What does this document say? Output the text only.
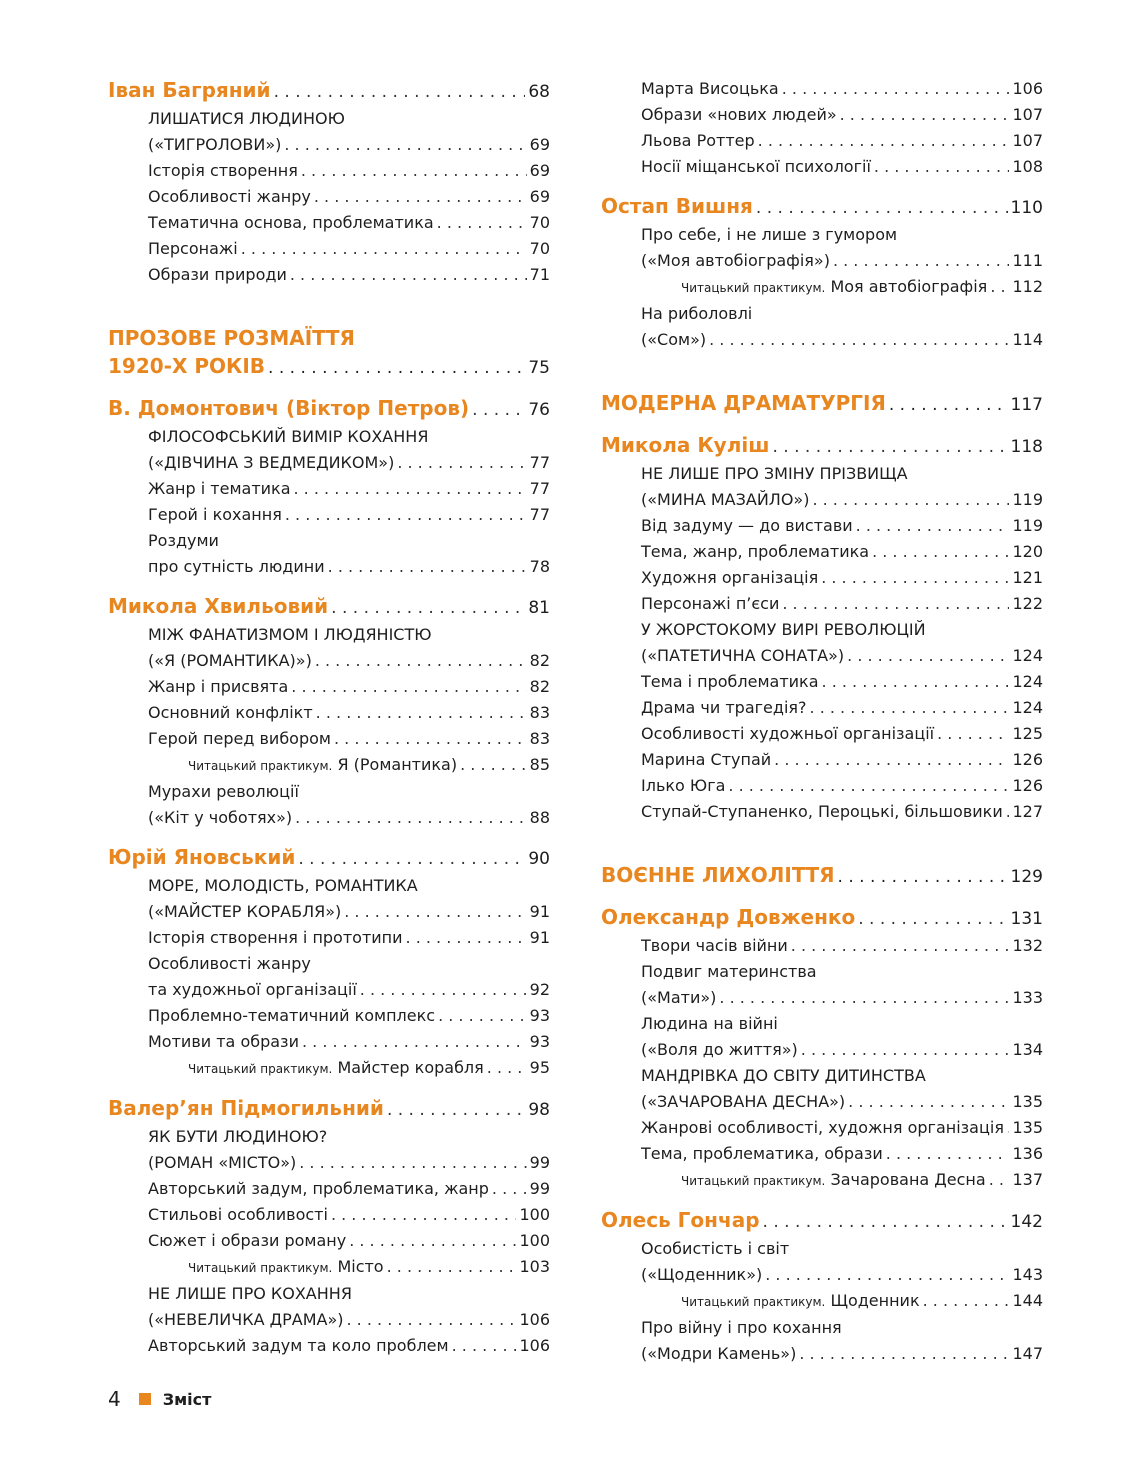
Іван Багряний . . .	68
ЛИШАТИСЯ ЛЮДИНОЮ
(«ТИГРОЛОВИ») . . .	69
Історія створення . . .	69
Особливості жанру . . .	69
Тематична основа, проблематика . . .	70
Персонажі . . .	70
Образи природи . . .	71
ПРОЗОВЕ РОЗМАЇТТЯ
1920-Х РОКІВ . . .	75
В. Домонтович (Віктор Петров) . . .	76
ФІЛОСОФСЬКИЙ ВИМІР КОХАННЯ
(«ДІВЧИНА З ВЕДМЕДИКОМ») . . .	77
Жанр і тематика . . .	77
Герой і кохання . . .	77
Роздуми
про сутність людини . . .	78
Микола Хвильовий . . .	81
МІЖ ФАНАТИЗМОМ І ЛЮДЯНІСТЮ
(«Я (РОМАНТИКА)») . . .	82
Жанр і присвята . . .	82
Основний конфлікт . . .	83
Герой перед вибором . . .	83
Читацький практикум. Я (Романтика) . . .	85
Мурахи революції
(«Кіт у чоботях») . . .	88
Юрій Яновський . . .	90
МОРЕ, МОЛОДІСТЬ, РОМАНТИКА
(«МАЙСТЕР КОРАБЛЯ») . . .	91
Історія створення і прототипи . . .	91
Особливості жанру
та художньої організації . . .	92
Проблемно-тематичний комплекс . . .	93
Мотиви та образи . . .	93
Читацький практикум. Майстер корабля . . .	95
Валер’ян Підмогильний . . .	98
ЯК БУТИ ЛЮДИНОЮ?
(РОМАН «МІСТО») . . .	99
Авторський задум, проблематика, жанр . . .	99
Стильові особливості . . .	100
Сюжет і образи роману . . .	100
Читацький практикум. Місто . . .	103
НЕ ЛИШЕ ПРО КОХАННЯ
(«НЕВЕЛИЧКА ДРАМА») . . .	106
Авторський задум та коло проблем . . .	106
Марта Висоцька . . .	106
Образи «нових людей» . . .	107
Льова Роттер . . .	107
Носії міщанської психології . . .	108
Остап Вишня . . .	110
Про себе, і не лише з гумором
(«Моя автобіографія») . . .	111
Читацький практикум. Моя автобіографія . . . 112
На риболовлі
(«Сом») . . .	114
МОДЕРНА ДРАМАТУРГІЯ . . .	117
Микола Куліш . . .	118
НЕ ЛИШЕ ПРО ЗМІНУ ПРІЗВИЩА
(«МИНА МАЗАЙЛО») . . .	119
Від задуму — до вистави . . .	119
Тема, жанр, проблематика . . .	120
Художня організація . . .	121
Персонажі п’єси . . .	122
У ЖОРСТОКОМУ ВИРІ РЕВОЛЮЦІЙ
(«ПАТЕТИЧНА СОНАТА») . . .	124
Тема і проблематика . . .	124
Драма чи трагедія? . . .	124
Особливості художньої організації . . .	125
Марина Ступай . . .	126
Ілько Юга . . .	126
Ступай-Ступаненко, Пероцькі, більшовики . . . 127
ВОЄННЕ ЛИХОЛІТТЯ . . .	129
Олександр Довженко . . .	131
Твори часів війни . . .	132
Подвиг материнства
(«Мати») . . .	133
Людина на війні
(«Воля до життя») . . .	134
МАНДРІВКА ДО СВІТУ ДИТИНСТВА
(«ЗАЧАРОВАНА ДЕСНА») . . .	135
Жанрові особливості, художня організація . . . 135
Тема, проблематика, образи . . .	136
Читацький практикум. Зачарована Десна . . . 137
Олесь Гончар . . .	142
Особистість і світ
(«Щоденник») . . .	143
Читацький практикум. Щоденник . . .	144
Про війну і про кохання
(«Модри Камень») . . .	147
4	Зміст
